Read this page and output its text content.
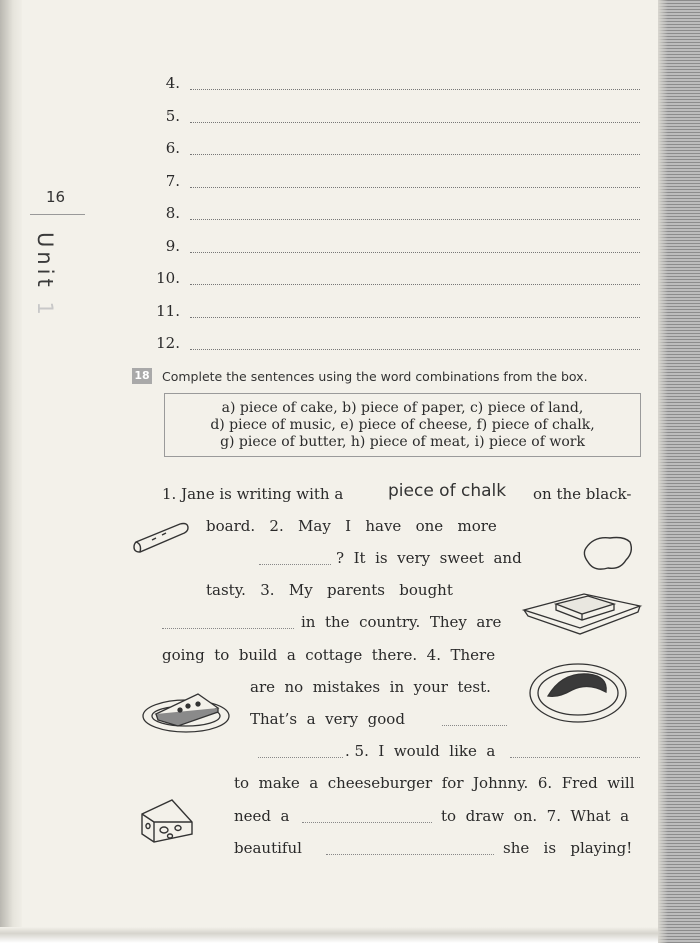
16
Unit 1
4.
5.
6.
7.
8.
9.
10.
11.
12.
18 Complete the sentences using the word combinations from the box.
a) piece of cake, b) piece of paper, c) piece of land,
d) piece of music, e) piece of cheese, f) piece of chalk,
g) piece of butter, h) piece of meat, i) piece of work
1. Jane is writing with a	piece of chalk on the black-
board.   2.   May   I   have   one   more
?  It  is  very  sweet  and
tasty.   3.   My   parents   bought
in  the  country.  They  are
going  to  build  a  cottage  there.  4.  There
are  no  mistakes  in  your  test.
That’s  a  very  good
. 5.  I  would  like  a
to  make  a  cheeseburger  for  Johnny.  6.  Fred  will
need  a	to  draw  on.  7.  What  a
beautiful	she   is   playing!
